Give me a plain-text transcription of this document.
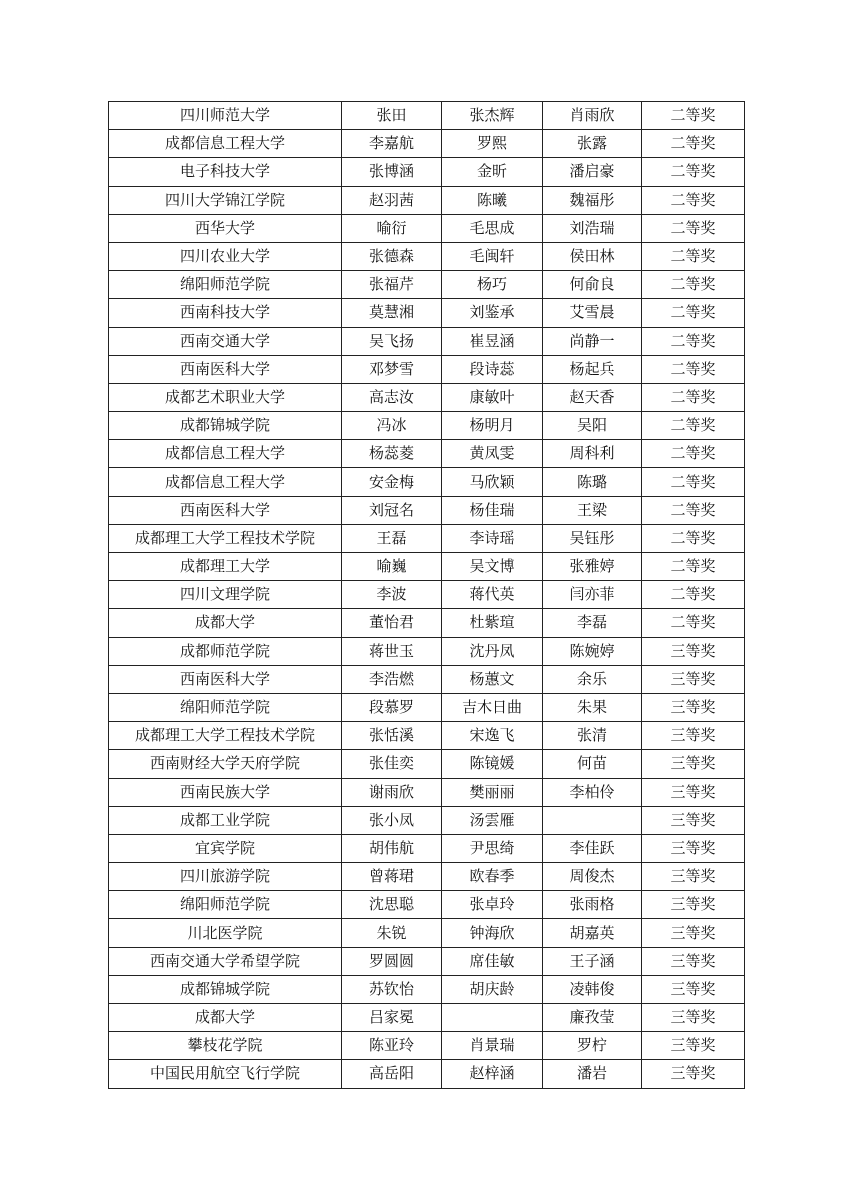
四川师范大学	张田	张杰辉	肖雨欣	二等奖
成都信息工程大学	李嘉航	罗熙	张露	二等奖
电子科技大学	张博涵	金昕	潘启豪	二等奖
四川大学锦江学院	赵羽茜	陈曦	魏福彤	二等奖
西华大学	喻衍	毛思成	刘浩瑞	二等奖
四川农业大学	张德森	毛闽轩	侯田林	二等奖
绵阳师范学院	张福芹	杨巧	何俞良	二等奖
西南科技大学	莫慧湘	刘鉴承	艾雪晨	二等奖
西南交通大学	吴飞扬	崔昱涵	尚静一	二等奖
西南医科大学	邓梦雪	段诗蕊	杨起兵	二等奖
成都艺术职业大学	高志汝	康敏叶	赵天香	二等奖
成都锦城学院	冯冰	杨明月	吴阳	二等奖
成都信息工程大学	杨蕊菱	黄凤雯	周科利	二等奖
成都信息工程大学	安金梅	马欣颖	陈璐	二等奖
西南医科大学	刘冠名	杨佳瑞	王梁	二等奖
成都理工大学工程技术学院	王磊	李诗瑶	吴钰彤	二等奖
成都理工大学	喻巍	吴文博	张雅婷	二等奖
四川文理学院	李波	蒋代英	闫亦菲	二等奖
成都大学	董怡君	杜紫瑄	李磊	二等奖
成都师范学院	蒋世玉	沈丹凤	陈婉婷	三等奖
西南医科大学	李浩燃	杨蕙文	余乐	三等奖
绵阳师范学院	段慕罗	吉木日曲	朱果	三等奖
成都理工大学工程技术学院	张恬溪	宋逸飞	张清	三等奖
西南财经大学天府学院	张佳奕	陈镜媛	何苗	三等奖
西南民族大学	谢雨欣	樊丽丽	李柏伶	三等奖
成都工业学院	张小凤	汤雲雁		三等奖
宜宾学院	胡伟航	尹思绮	李佳跃	三等奖
四川旅游学院	曾蒋珺	欧春季	周俊杰	三等奖
绵阳师范学院	沈思聪	张卓玲	张雨格	三等奖
川北医学院	朱锐	钟海欣	胡嘉英	三等奖
西南交通大学希望学院	罗圆圆	席佳敏	王子涵	三等奖
成都锦城学院	苏钦怡	胡庆龄	凌韩俊	三等奖
成都大学	吕家冕		廉孜莹	三等奖
攀枝花学院	陈亚玲	肖景瑞	罗柠	三等奖
中国民用航空飞行学院	高岳阳	赵梓涵	潘岩	三等奖
